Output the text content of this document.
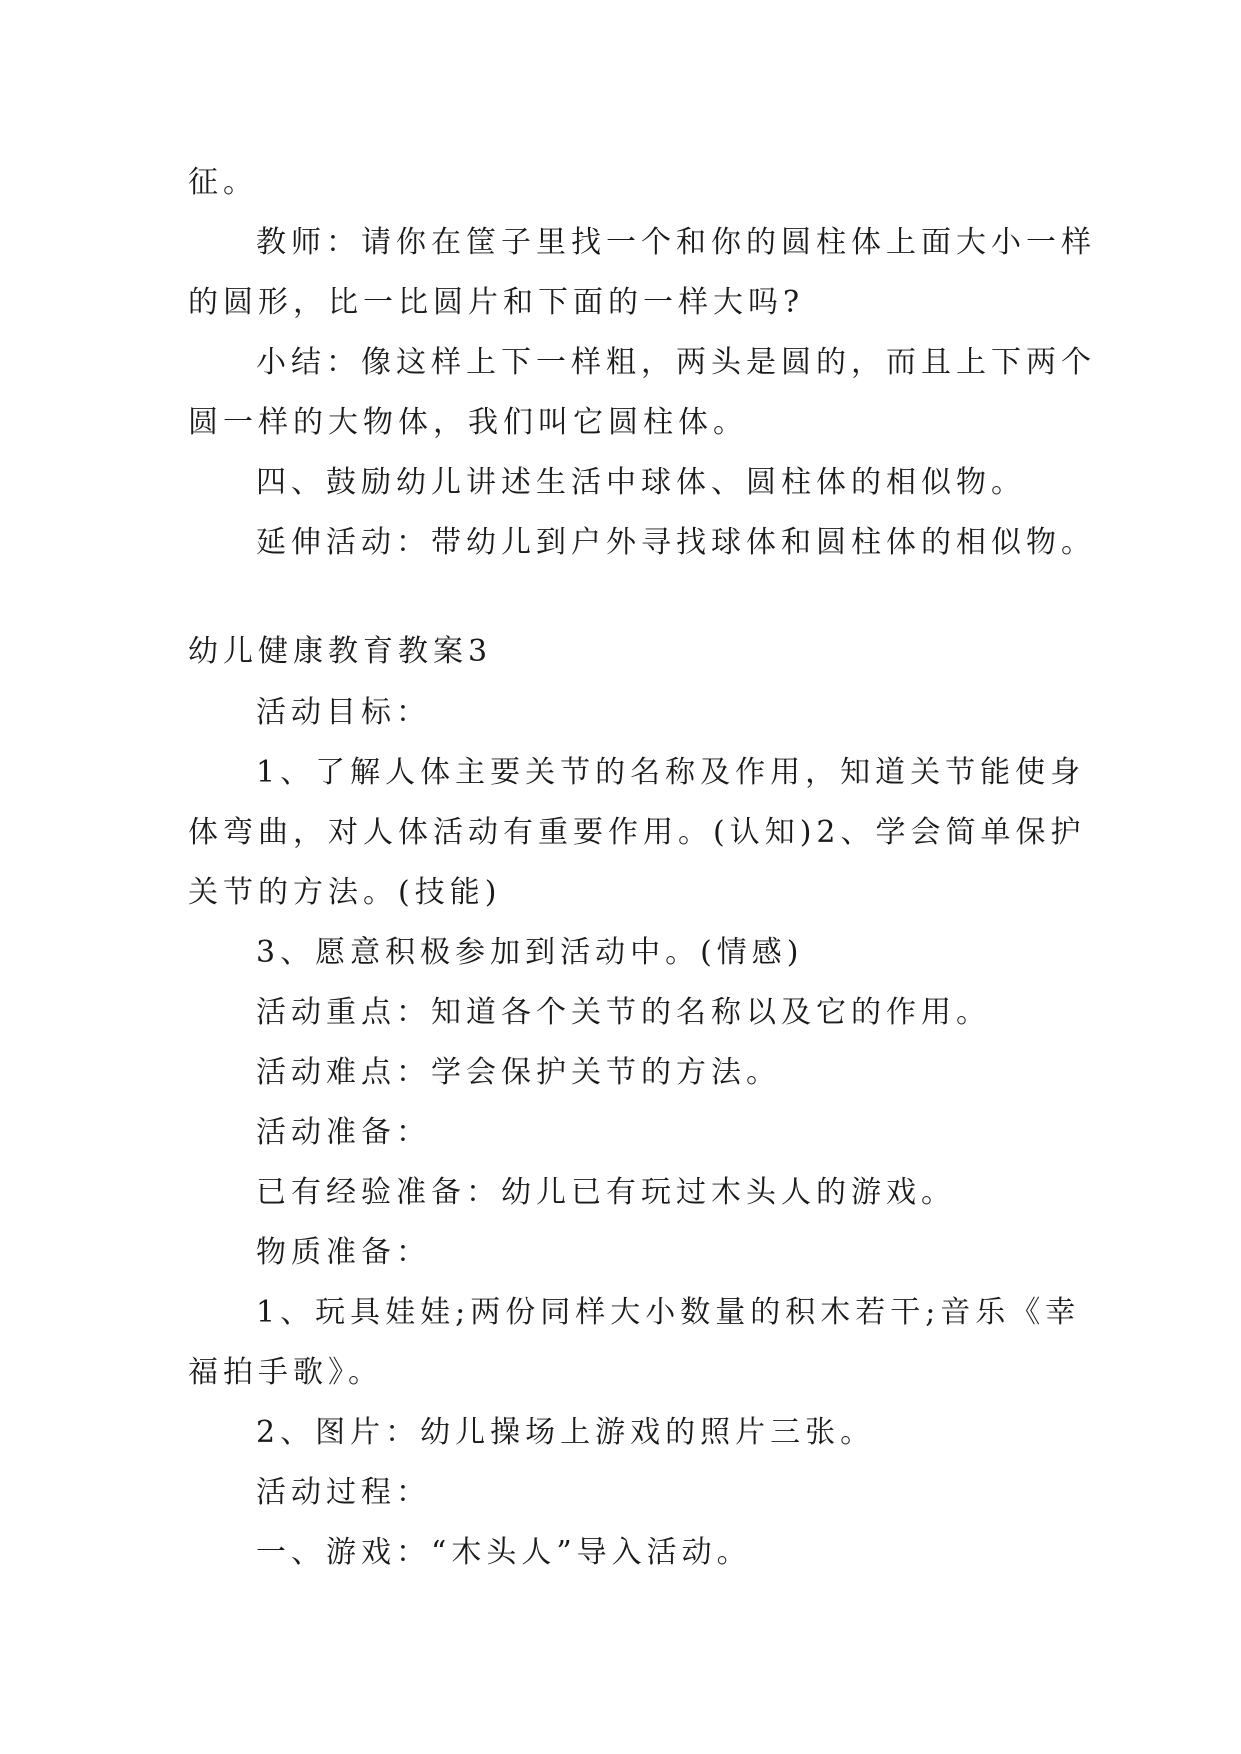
征。
教师：请你在筐子里找一个和你的圆柱体上面大小一样
的圆形，比一比圆片和下面的一样大吗?
小结：像这样上下一样粗，两头是圆的，而且上下两个
圆一样的大物体，我们叫它圆柱体。
四、鼓励幼儿讲述生活中球体、圆柱体的相似物。
延伸活动：带幼儿到户外寻找球体和圆柱体的相似物。
幼儿健康教育教案3
活动目标：
1、了解人体主要关节的名称及作用，知道关节能使身
体弯曲，对人体活动有重要作用。(认知)2、学会简单保护
关节的方法。(技能)
3、愿意积极参加到活动中。(情感)
活动重点：知道各个关节的名称以及它的作用。
活动难点：学会保护关节的方法。
活动准备：
已有经验准备：幼儿已有玩过木头人的游戏。
物质准备：
1、玩具娃娃;两份同样大小数量的积木若干;音乐《幸
福拍手歌》。
2、图片：幼儿操场上游戏的照片三张。
活动过程：
一、游戏：“木头人”导入活动。
